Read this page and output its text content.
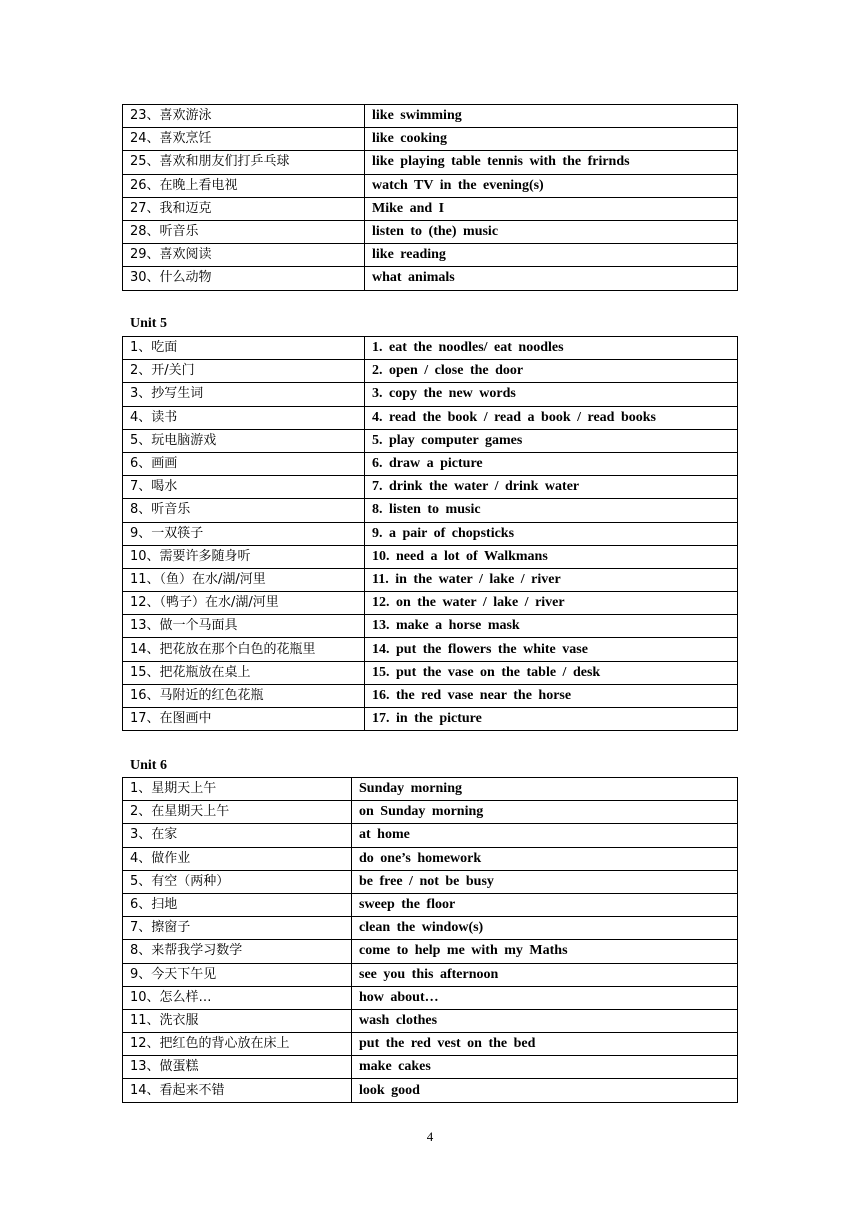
23、喜欢游泳	like swimming
24、喜欢烹饪	like cooking
25、喜欢和朋友们打乒乓球	like playing table tennis with the frirnds
26、在晚上看电视	watch TV in the evening(s)
27、我和迈克	Mike and I
28、听音乐	listen to (the) music
29、喜欢阅读	like reading
30、什么动物	what animals
Unit 5
1、吃面	1. eat the noodles/ eat noodles
2、开/关门	2. open / close the door
3、抄写生词	3. copy the new words
4、读书	4. read the book / read a book / read books
5、玩电脑游戏	5. play computer games
6、画画	6. draw a picture
7、喝水	7. drink the water / drink water
8、听音乐	8. listen to music
9、一双筷子	9. a pair of chopsticks
10、需要许多随身听	10. need a lot of Walkmans
11、（鱼）在水/湖/河里	11. in the water / lake / river
12、（鸭子）在水/湖/河里	12. on the water / lake / river
13、做一个马面具	13. make a horse mask
14、把花放在那个白色的花瓶里	14. put the flowers the white vase
15、把花瓶放在桌上	15. put the vase on the table / desk
16、马附近的红色花瓶	16. the red vase near the horse
17、在图画中	17. in the picture
Unit 6
1、星期天上午	Sunday morning
2、在星期天上午	on Sunday morning
3、在家	at home
4、做作业	do one’s homework
5、有空（两种）	be free / not be busy
6、扫地	sweep the floor
7、擦窗子	clean the window(s)
8、来帮我学习数学	come to help me with my Maths
9、今天下午见	see you this afternoon
10、怎么样…	how about…
11、洗衣服	wash clothes
12、把红色的背心放在床上	put the red vest on the bed
13、做蛋糕	make cakes
14、看起来不错	look good
4
